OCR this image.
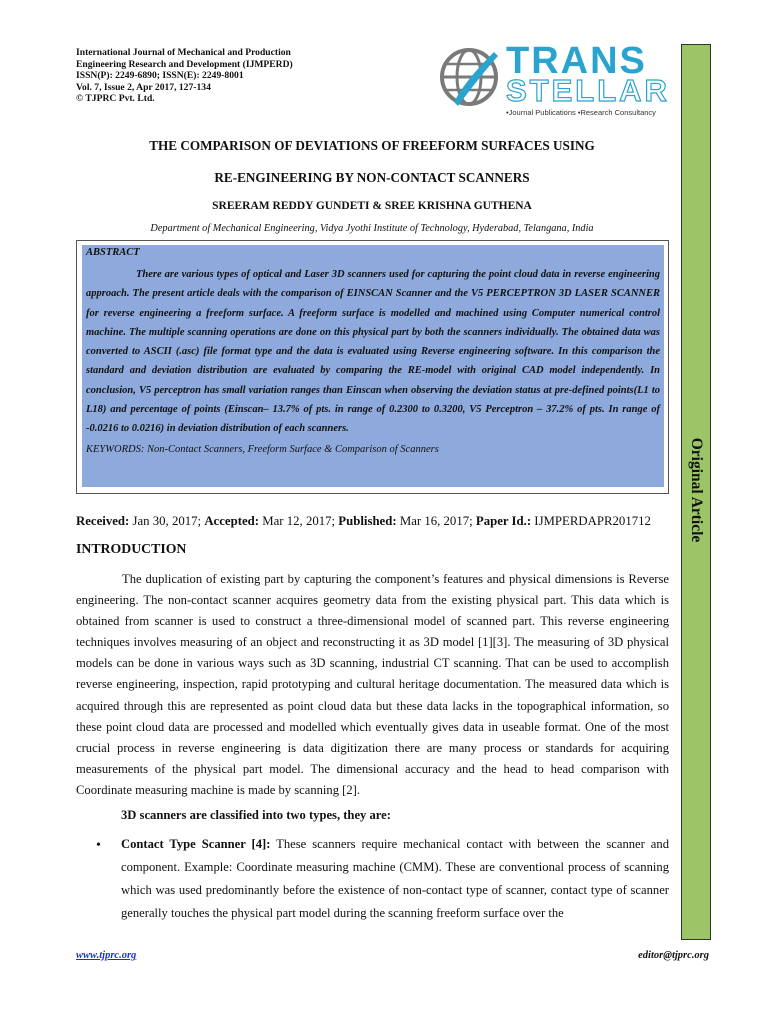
International Journal of Mechanical and Production
Engineering Research and Development (IJMPERD)
ISSN(P): 2249-6890; ISSN(E): 2249-8001
Vol. 7, Issue 2, Apr 2017, 127-134
© TJPRC Pvt. Ltd.
TRANS
STELLAR
•Journal Publications •Research Consultancy
Original Article
THE COMPARISON OF DEVIATIONS OF FREEFORM SURFACES USING
RE-ENGINEERING BY NON-CONTACT SCANNERS
SREERAM REDDY GUNDETI & SREE KRISHNA GUTHENA
Department of Mechanical Engineering, Vidya Jyothi Institute of Technology, Hyderabad, Telangana, India
ABSTRACT
There are various types of optical and Laser 3D scanners used for capturing the point cloud data in reverse engineering approach. The present article deals with the comparison of EINSCAN Scanner and the V5 PERCEPTRON 3D LASER SCANNER for reverse engineering a freeform surface. A freeform surface is modelled and machined using Computer numerical control machine. The multiple scanning operations are done on this physical part by both the scanners individually. The obtained data was converted to ASCII (.asc) file format type and the data is evaluated using Reverse engineering software. In this comparison the standard and deviation distribution are evaluated by comparing the RE-model with original CAD model independently. In conclusion, V5 perceptron has small variation ranges than Einscan when observing the deviation status at pre-defined points(L1 to L18) and percentage of points (Einscan– 13.7% of pts. in range of 0.2300 to 0.3200, V5 Perceptron – 37.2% of pts. In range of -0.0216 to 0.0216) in deviation distribution of each scanners.
KEYWORDS: Non-Contact Scanners, Freeform Surface & Comparison of Scanners
Received: Jan 30, 2017; Accepted: Mar 12, 2017; Published: Mar 16, 2017; Paper Id.: IJMPERDAPR201712
INTRODUCTION

The duplication of existing part by capturing the component’s features and physical dimensions is Reverse engineering. The non-contact scanner acquires geometry data from the existing physical part. This data which is obtained from scanner is used to construct a three-dimensional model of scanned part. This reverse engineering techniques involves measuring of an object and reconstructing it as 3D model [1][3]. The measuring of 3D physical models can be done in various ways such as 3D scanning, industrial CT scanning. That can be used to accomplish reverse engineering, inspection, rapid prototyping and cultural heritage documentation. The measured data which is acquired through this are represented as point cloud data but these data lacks in the topographical information, so these point cloud data are processed and modelled which eventually gives data in useable format. One of the most crucial process in reverse engineering is data digitization there are many process or standards for acquiring measurements of the physical part model. The dimensional accuracy and the head to head comparison with Coordinate measuring machine is made by scanning [2].

3D scanners are classified into two types, they are:
• Contact Type Scanner [4]: These scanners require mechanical contact with between the scanner and component. Example: Coordinate measuring machine (CMM). These are conventional process of scanning which was used predominantly before the existence of non-contact type of scanner, contact type of scanner generally touches the physical part model during the scanning freeform surface over the

www.tjprc.org	editor@tjprc.org
